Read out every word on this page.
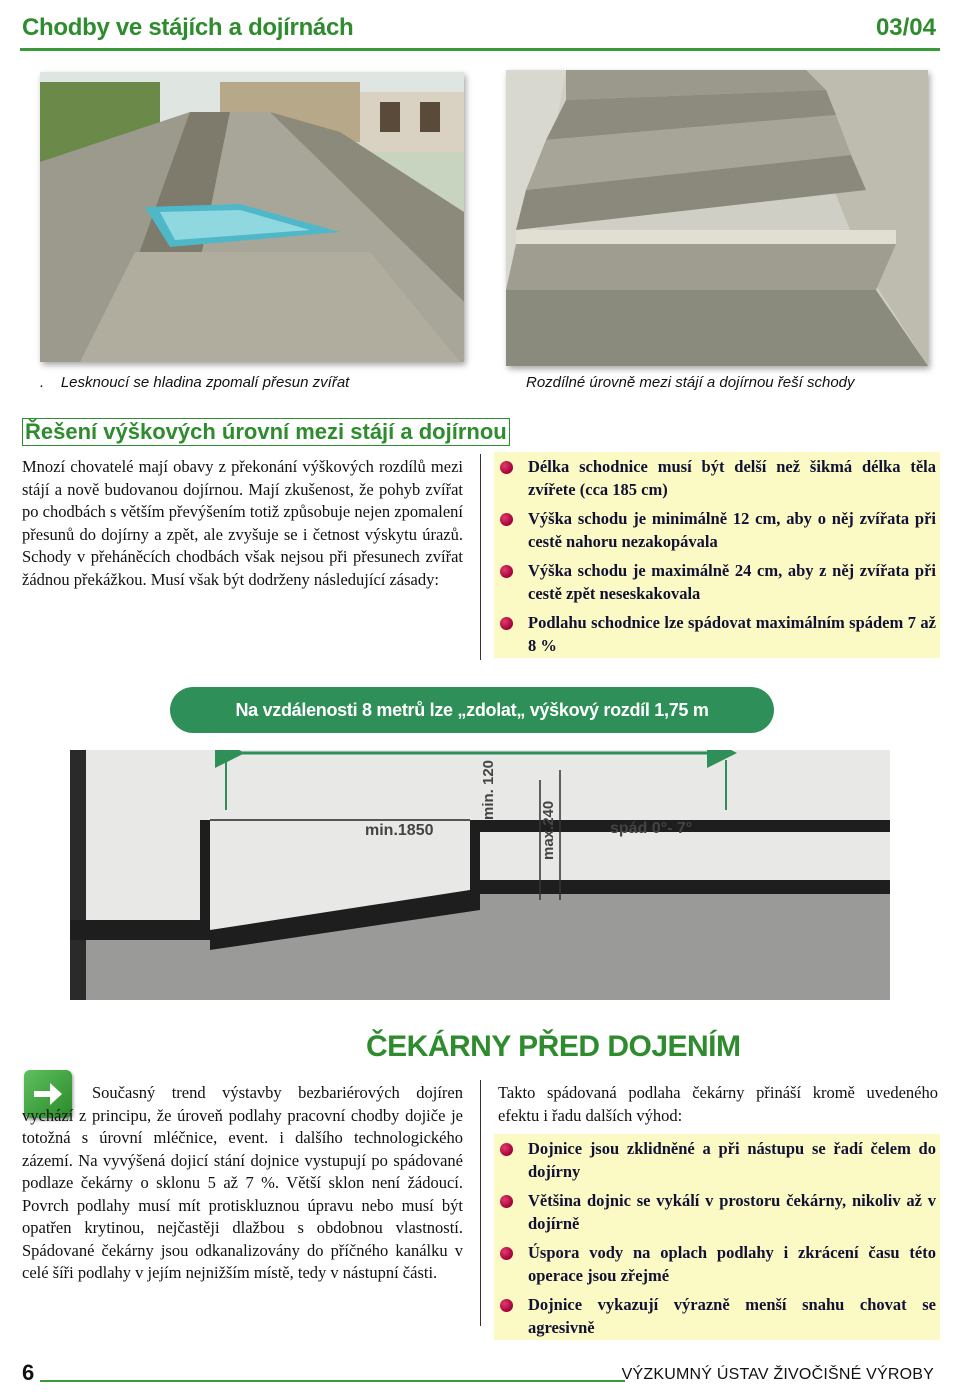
Chodby ve stájích a dojírnách	03/04
.    Lesknoucí se hladina zpomalí přesun zvířat	Rozdílné úrovně mezi stájí a dojírnou řeší schody
Řešení výškových úrovní mezi stájí a dojírnou
Mnozí chovatelé mají obavy z překonání výškových rozdílů mezi stájí a nově budovanou dojírnou. Mají zkušenost, že pohyb zvířat po chodbách s větším převýšením totiž způsobuje nejen zpomalení přesunů do dojírny a zpět, ale zvyšuje se i četnost výskytu úrazů. Schody v přeháněcích chodbách však nejsou při přesunech zvířat žádnou překážkou. Musí však být dodrženy následující zásady:
Délka schodnice musí být delší než šikmá délka těla zvířete (cca 185 cm)
Výška schodu je minimálně 12 cm, aby o něj zvířata při cestě nahoru nezakopávala
Výška schodu je maximálně 24 cm, aby z něj zvířata při cestě zpět neseskakovala
Podlahu schodnice lze spádovat maximálním spádem 7 až 8 %
Na vzdálenosti 8 metrů lze „zdolat„ výškový rozdíl 1,75 m
min.1850
min. 120
max.240	spád 0°- 7°
ČEKÁRNY PŘED DOJENÍM
Současný trend výstavby bezbariérových dojíren vychází z principu, že úroveň podlahy pracovní chodby dojiče je totožná s úrovní mléčnice, event. i dalšího technologického zázemí. Na vyvýšená dojicí stání dojnice vystupují po spádované podlaze čekárny o sklonu 5 až 7 %. Větší sklon není žádoucí. Povrch podlahy musí mít protiskluznou úpravu nebo musí být opatřen krytinou, nejčastěji dlažbou s obdobnou vlastností. Spádované čekárny jsou odkanalizovány do příčného kanálku v celé šíři podlahy v jejím nejnižším místě, tedy v nástupní části.
Takto spádovaná podlaha čekárny přináší kromě uvedeného efektu i řadu dalších výhod:
Dojnice jsou zklidněné a při nástupu se řadí čelem do dojírny
Většina dojnic se vykálí v prostoru čekárny, nikoliv až v dojírně
Úspora vody na oplach podlahy i zkrácení času této operace jsou zřejmé
Dojnice vykazují výrazně menší snahu chovat se agresivně
6	VÝZKUMNÝ ÚSTAV ŽIVOČIŠNÉ VÝROBY
